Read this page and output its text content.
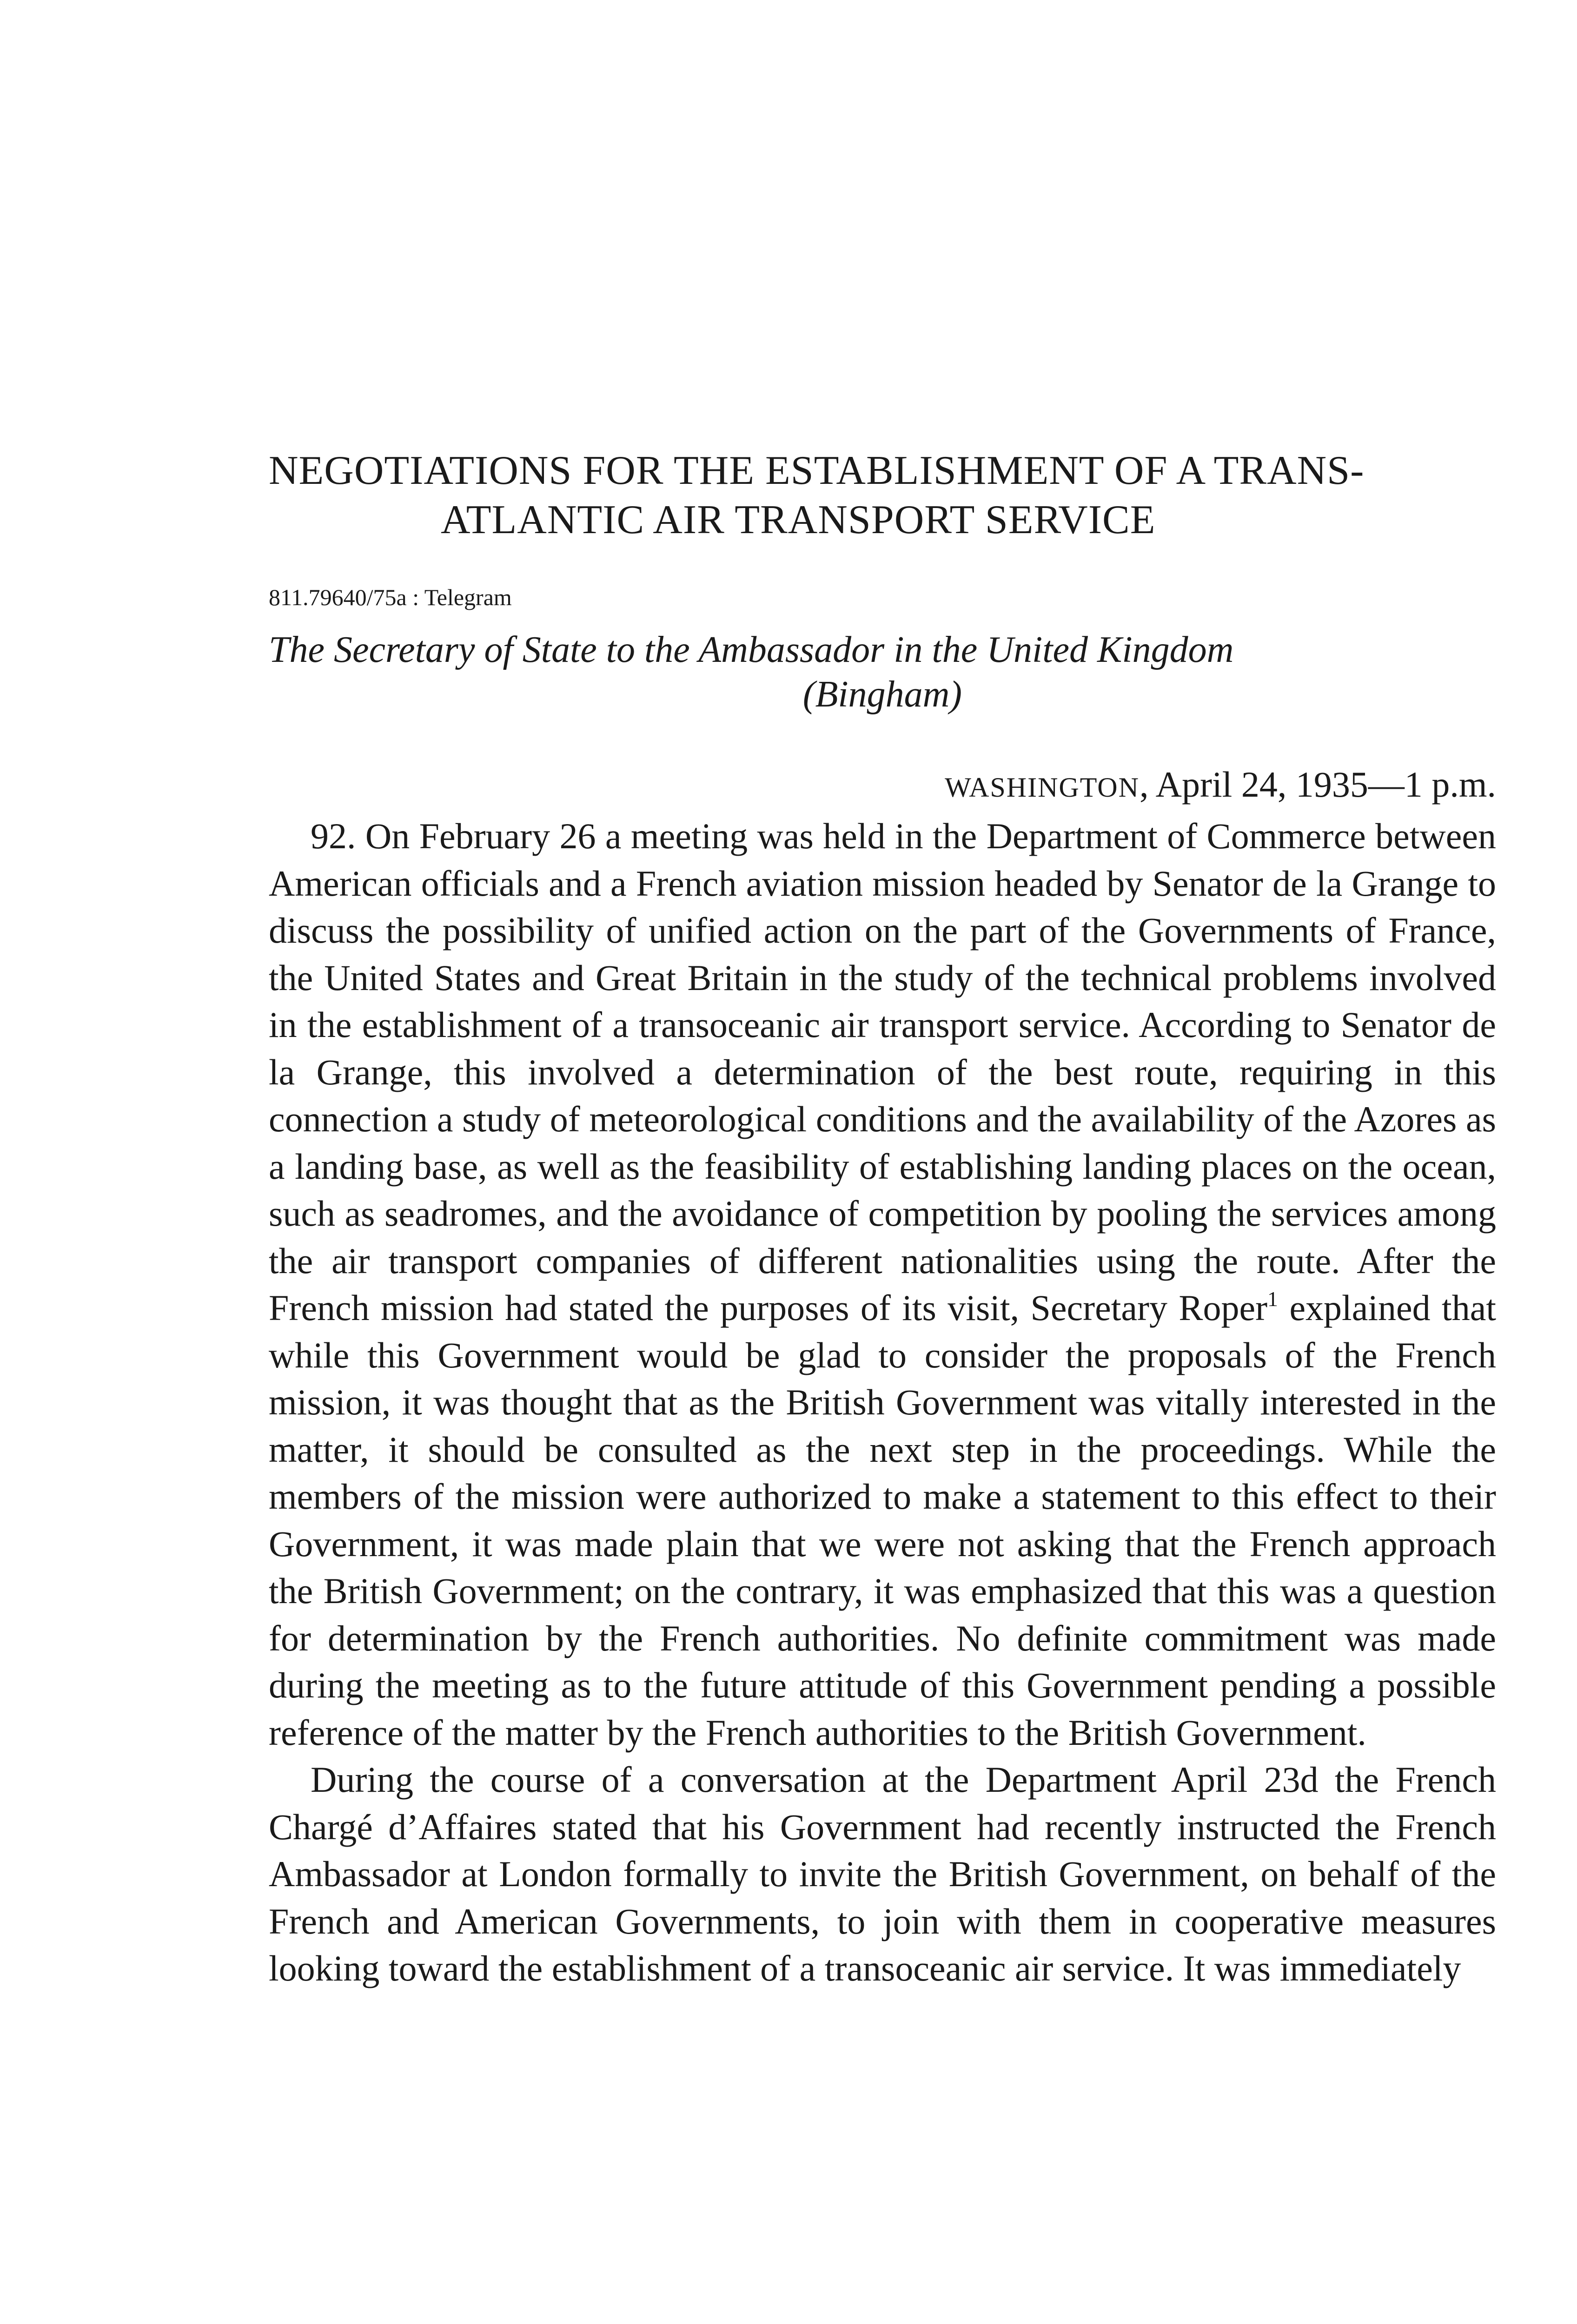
NEGOTIATIONS FOR THE ESTABLISHMENT OF A TRANS-
ATLANTIC AIR TRANSPORT SERVICE

811.79640/75a : Telegram

The Secretary of State to the Ambassador in the United Kingdom
(Bingham)

WASHINGTON, April 24, 1935—1 p.m.

92. On February 26 a meeting was held in the Department of Commerce between American officials and a French aviation mission headed by Senator de la Grange to discuss the possibility of unified action on the part of the Governments of France, the United States and Great Britain in the study of the technical problems involved in the establishment of a transoceanic air transport service. According to Senator de la Grange, this involved a determination of the best route, requiring in this connection a study of meteorological conditions and the availability of the Azores as a landing base, as well as the feasibility of establishing landing places on the ocean, such as seadromes, and the avoidance of competition by pooling the services among the air transport companies of different nationalities using the route. After the French mission had stated the purposes of its visit, Secretary Roper$^1$ explained that while this Government would be glad to consider the proposals of the French mission, it was thought that as the British Government was vitally interested in the matter, it should be consulted as the next step in the proceedings. While the members of the mission were authorized to make a statement to this effect to their Government, it was made plain that we were not asking that the French approach the British Government; on the contrary, it was emphasized that this was a question for determination by the French authorities. No definite commitment was made during the meeting as to the future attitude of this Government pending a possible reference of the matter by the French authorities to the British Government.

During the course of a conversation at the Department April 23d the French Chargé d’Affaires stated that his Government had recently instructed the French Ambassador at London formally to invite the British Government, on behalf of the French and American Governments, to join with them in cooperative measures looking toward the establishment of a transoceanic air service. It was immediately
